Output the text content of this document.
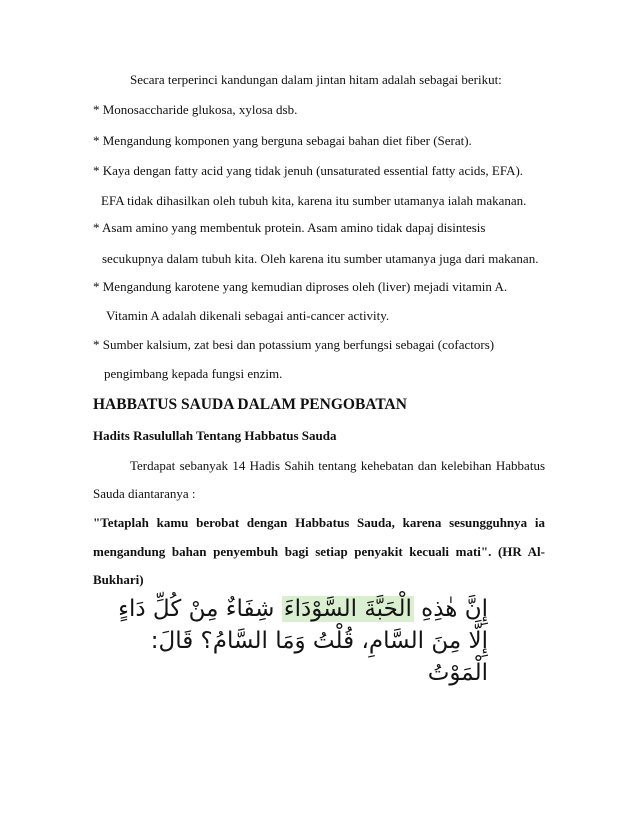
Secara terperinci kandungan dalam jintan hitam adalah sebagai berikut:
* Monosaccharide glukosa, xylosa dsb.
* Mengandung komponen yang berguna sebagai bahan diet fiber (Serat).
* Kaya dengan fatty acid yang tidak jenuh (unsaturated essential fatty acids, EFA).
EFA tidak dihasilkan oleh tubuh kita, karena itu sumber utamanya ialah makanan.
* Asam amino yang membentuk protein. Asam amino tidak dapaj disintesis
secukupnya dalam tubuh kita. Oleh karena itu sumber utamanya juga dari makanan.
* Mengandung karotene yang kemudian diproses oleh (liver) mejadi vitamin A.
Vitamin A adalah dikenali sebagai anti-cancer activity.
* Sumber kalsium, zat besi dan potassium yang berfungsi sebagai (cofactors)
pengimbang kepada fungsi enzim.
HABBATUS SAUDA DALAM PENGOBATAN
Hadits Rasulullah Tentang Habbatus Sauda
Terdapat sebanyak 14 Hadis Sahih tentang kehebatan dan kelebihan Habbatus
Sauda diantaranya :
"Tetaplah kamu berobat dengan Habbatus Sauda, karena sesungguhnya ia
mengandung bahan penyembuh bagi setiap penyakit kecuali mati". (HR Al-
Bukhari)
إِنَّ هٰذِهِ الْحَبَّةَ السَّوْدَاءَ شِفَاءٌ مِنْ كُلِّ دَاءٍ
إِلَّا مِنَ السَّامِ، قُلْتُ وَمَا السَّامُ؟ قَالَ:
الْمَوْتُ
